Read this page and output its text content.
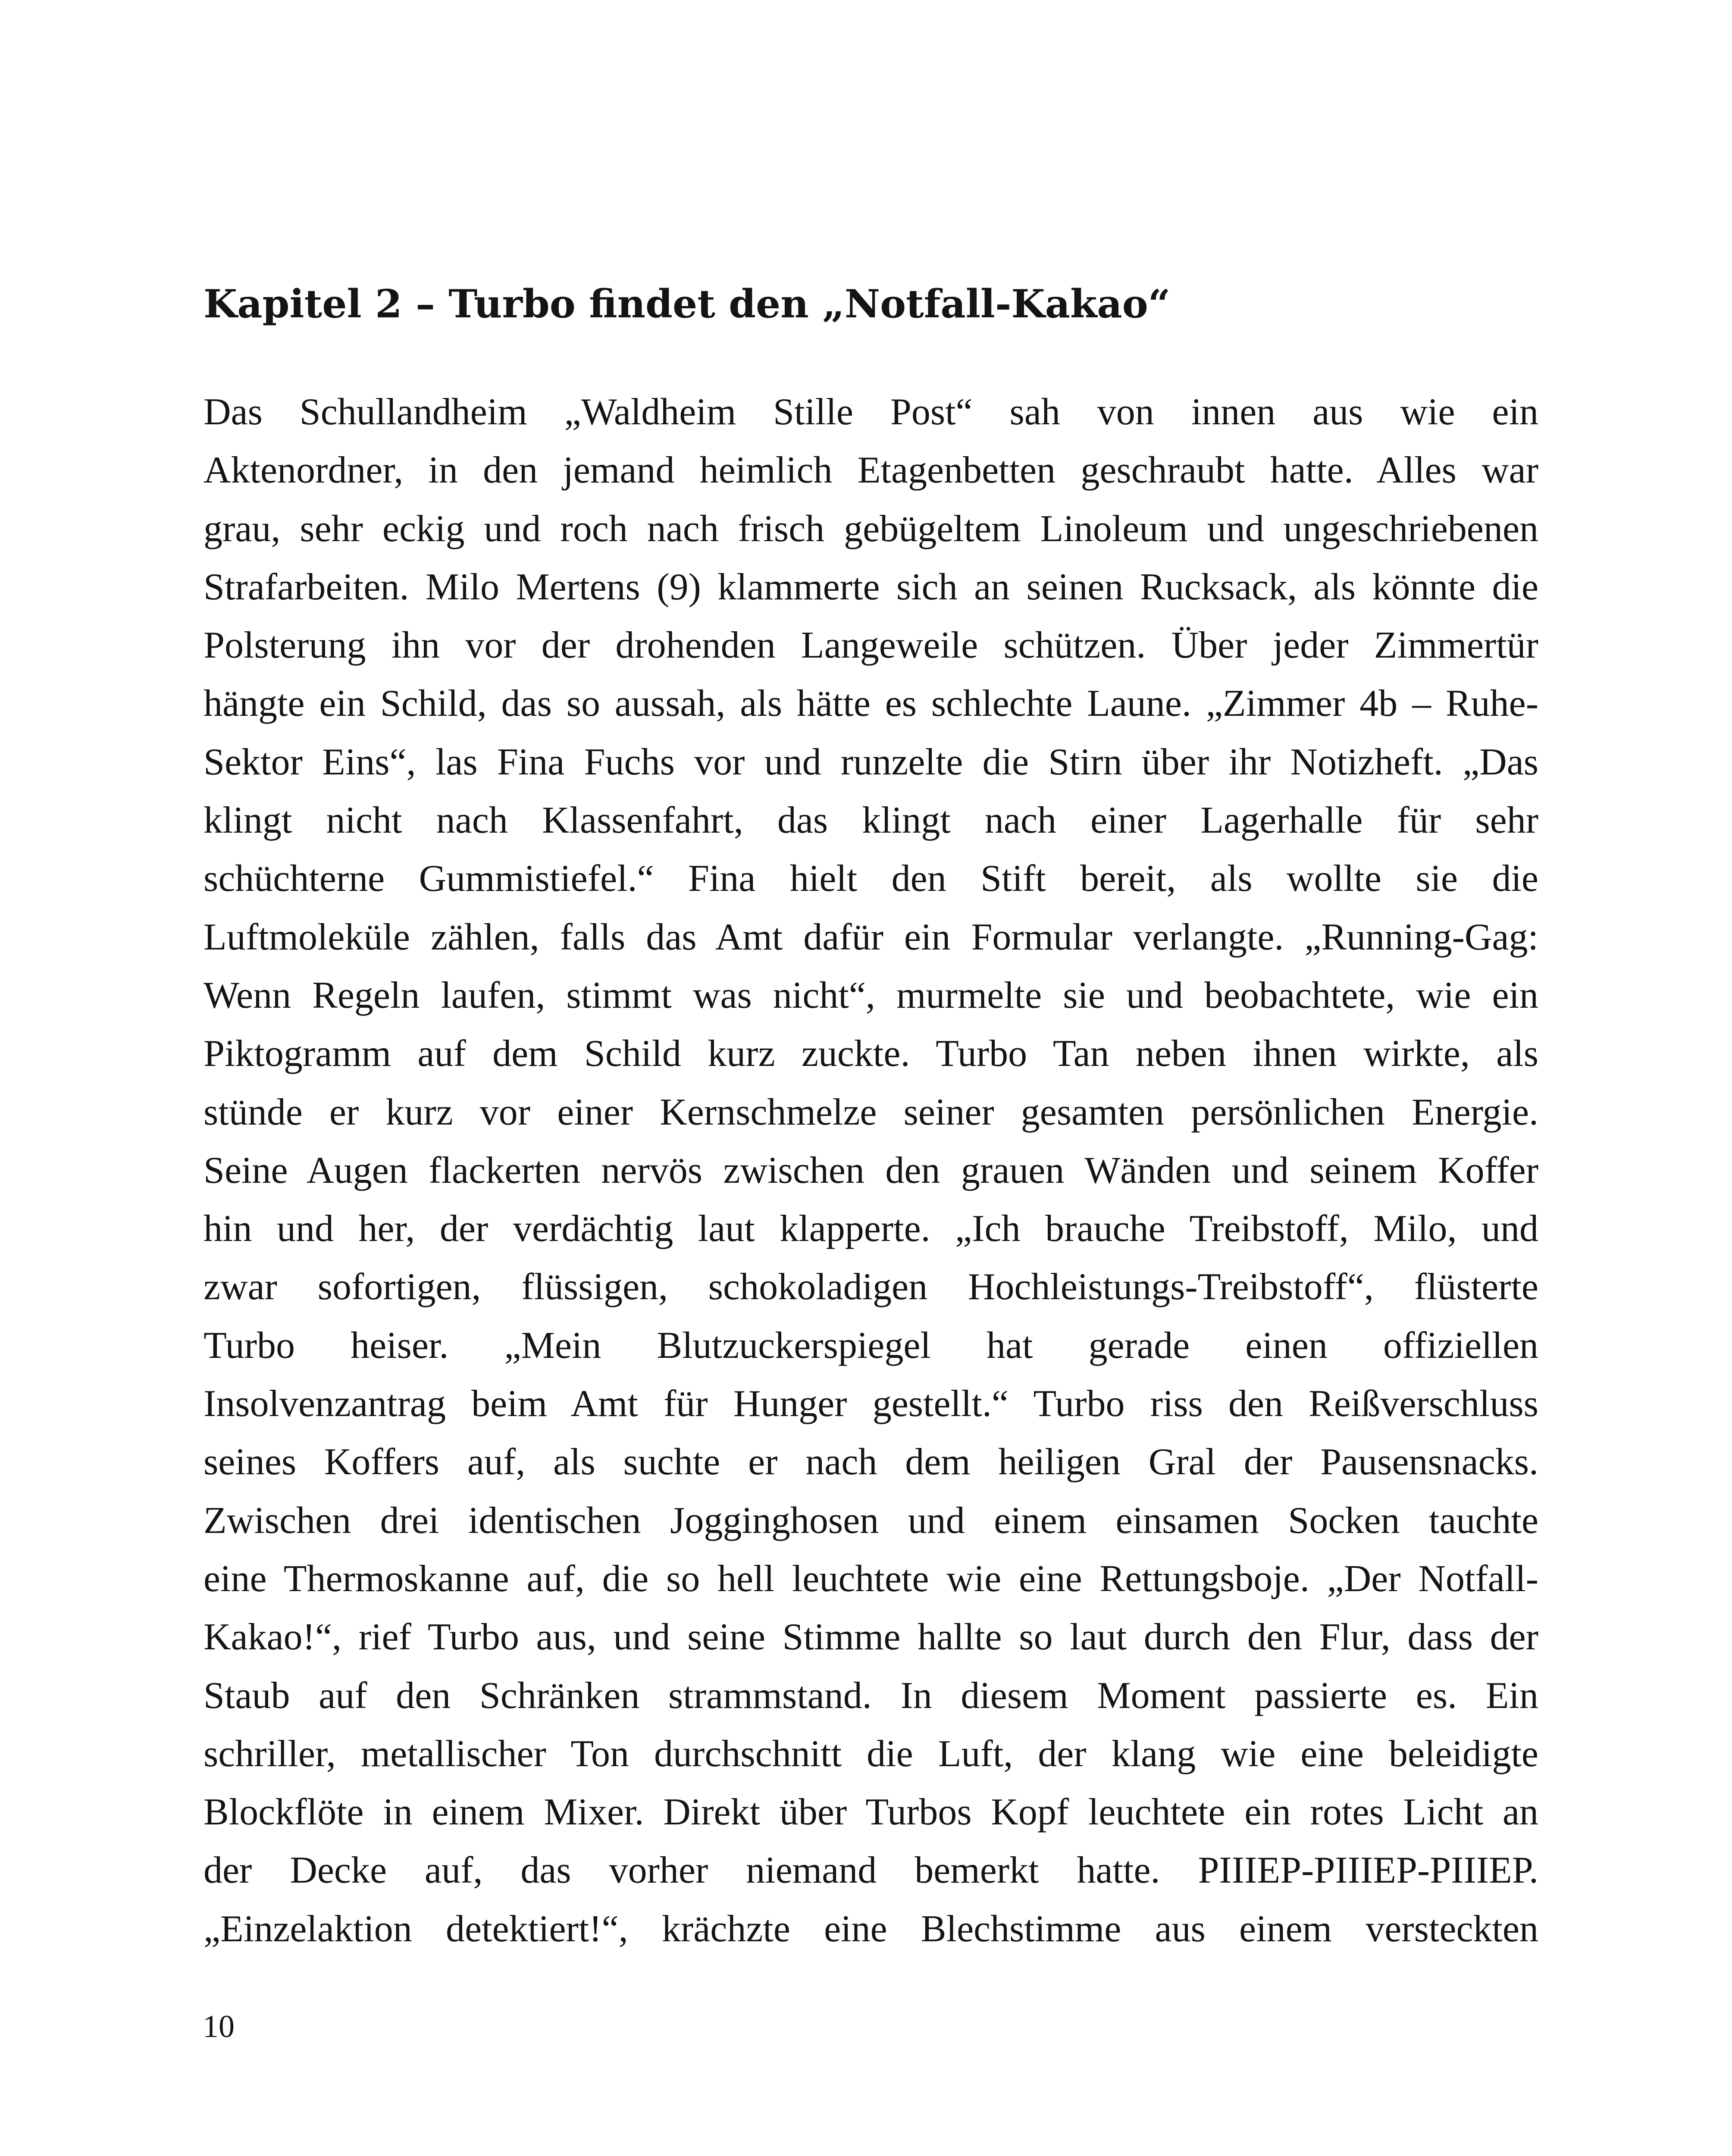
Kapitel 2 – Turbo findet den „Notfall-Kakao“
Das Schullandheim „Waldheim Stille Post“ sah von innen aus wie ein
Aktenordner, in den jemand heimlich Etagenbetten geschraubt hatte. Alles war
grau, sehr eckig und roch nach frisch gebügeltem Linoleum und ungeschriebenen
Strafarbeiten. Milo Mertens (9) klammerte sich an seinen Rucksack, als könnte die
Polsterung ihn vor der drohenden Langeweile schützen. Über jeder Zimmertür
hängte ein Schild, das so aussah, als hätte es schlechte Laune. „Zimmer 4b – Ruhe-
Sektor Eins“, las Fina Fuchs vor und runzelte die Stirn über ihr Notizheft. „Das
klingt nicht nach Klassenfahrt, das klingt nach einer Lagerhalle für sehr
schüchterne Gummistiefel.“ Fina hielt den Stift bereit, als wollte sie die
Luftmoleküle zählen, falls das Amt dafür ein Formular verlangte. „Running-Gag:
Wenn Regeln laufen, stimmt was nicht“, murmelte sie und beobachtete, wie ein
Piktogramm auf dem Schild kurz zuckte. Turbo Tan neben ihnen wirkte, als
stünde er kurz vor einer Kernschmelze seiner gesamten persönlichen Energie.
Seine Augen flackerten nervös zwischen den grauen Wänden und seinem Koffer
hin und her, der verdächtig laut klapperte. „Ich brauche Treibstoff, Milo, und
zwar sofortigen, flüssigen, schokoladigen Hochleistungs-Treibstoff“, flüsterte
Turbo heiser. „Mein Blutzuckerspiegel hat gerade einen offiziellen
Insolvenzantrag beim Amt für Hunger gestellt.“ Turbo riss den Reißverschluss
seines Koffers auf, als suchte er nach dem heiligen Gral der Pausensnacks.
Zwischen drei identischen Jogginghosen und einem einsamen Socken tauchte
eine Thermoskanne auf, die so hell leuchtete wie eine Rettungsboje. „Der Notfall-
Kakao!“, rief Turbo aus, und seine Stimme hallte so laut durch den Flur, dass der
Staub auf den Schränken strammstand. In diesem Moment passierte es. Ein
schriller, metallischer Ton durchschnitt die Luft, der klang wie eine beleidigte
Blockflöte in einem Mixer. Direkt über Turbos Kopf leuchtete ein rotes Licht an
der Decke auf, das vorher niemand bemerkt hatte. PIIIEP-PIIIEP-PIIIEP.
„Einzelaktion detektiert!“, krächzte eine Blechstimme aus einem versteckten
10
